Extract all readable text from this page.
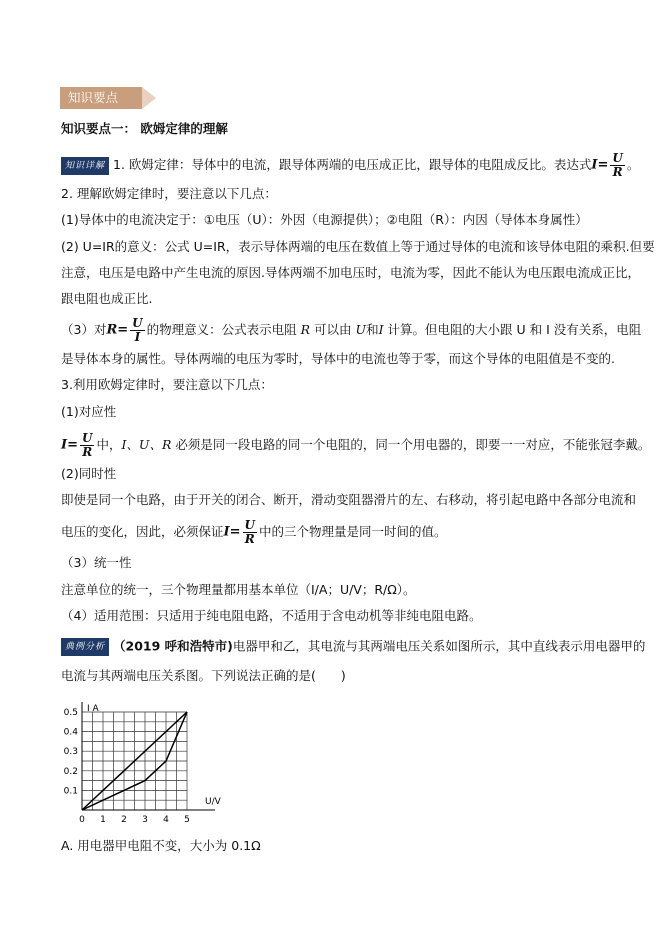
知识要点
知识要点一： 欧姆定律的理解
知识详解 1. 欧姆定律：导体中的电流，跟导体两端的电压成正比，跟导体的电阻成反比。表达式$I= \frac{U}{R}$ 。
2. 理解欧姆定律时，要注意以下几点：
(1)导体中的电流决定于：①电压（U）：外因（电源提供）；②电阻（R）：内因（导体本身属性）
(2) U=IR的意义：公式 U=IR，表示导体两端的电压在数值上等于通过导体的电流和该导体电阻的乘积.但要
注意，电压是电路中产生电流的原因.导体两端不加电压时，电流为零，因此不能认为电压跟电流成正比，
跟电阻也成正比.
（3）对$R= \frac{U}{I}$ 的物理意义：公式表示电阻 R 可以由 U和I 计算。但电阻的大小跟 U 和 I 没有关系，电阻
是导体本身的属性。导体两端的电压为零时，导体中的电流也等于零，而这个导体的电阻值是不变的.
3.利用欧姆定律时，要注意以下几点：
(1)对应性
$I= \frac{U}{R}$ 中，I、U、R 必须是同一段电路的同一个电阻的，同一个用电器的，即要一一对应，不能张冠李戴。
(2)同时性
即使是同一个电路，由于开关的闭合、断开，滑动变阻器滑片的左、右移动，将引起电路中各部分电流和
电压的变化，因此，必须保证$I= \frac{U}{R}$ 中的三个物理量是同一时间的值。
（3）统一性
注意单位的统一，三个物理量都用基本单位（I/A；U/V；R/Ω）。
（4）适用范围：只适用于纯电阻电路，不适用于含电动机等非纯电阻电路。
典例分析 （2019 呼和浩特市)电器甲和乙，其电流与其两端电压关系如图所示，其中直线表示用电器甲的
电流与其两端电压关系图。下列说法正确的是(　　)
0 1 2 3 4 5
0.1
0.2
0.3
0.4
0.5 I A
U/V
A. 用电器甲电阻不变，大小为 0.1Ω
